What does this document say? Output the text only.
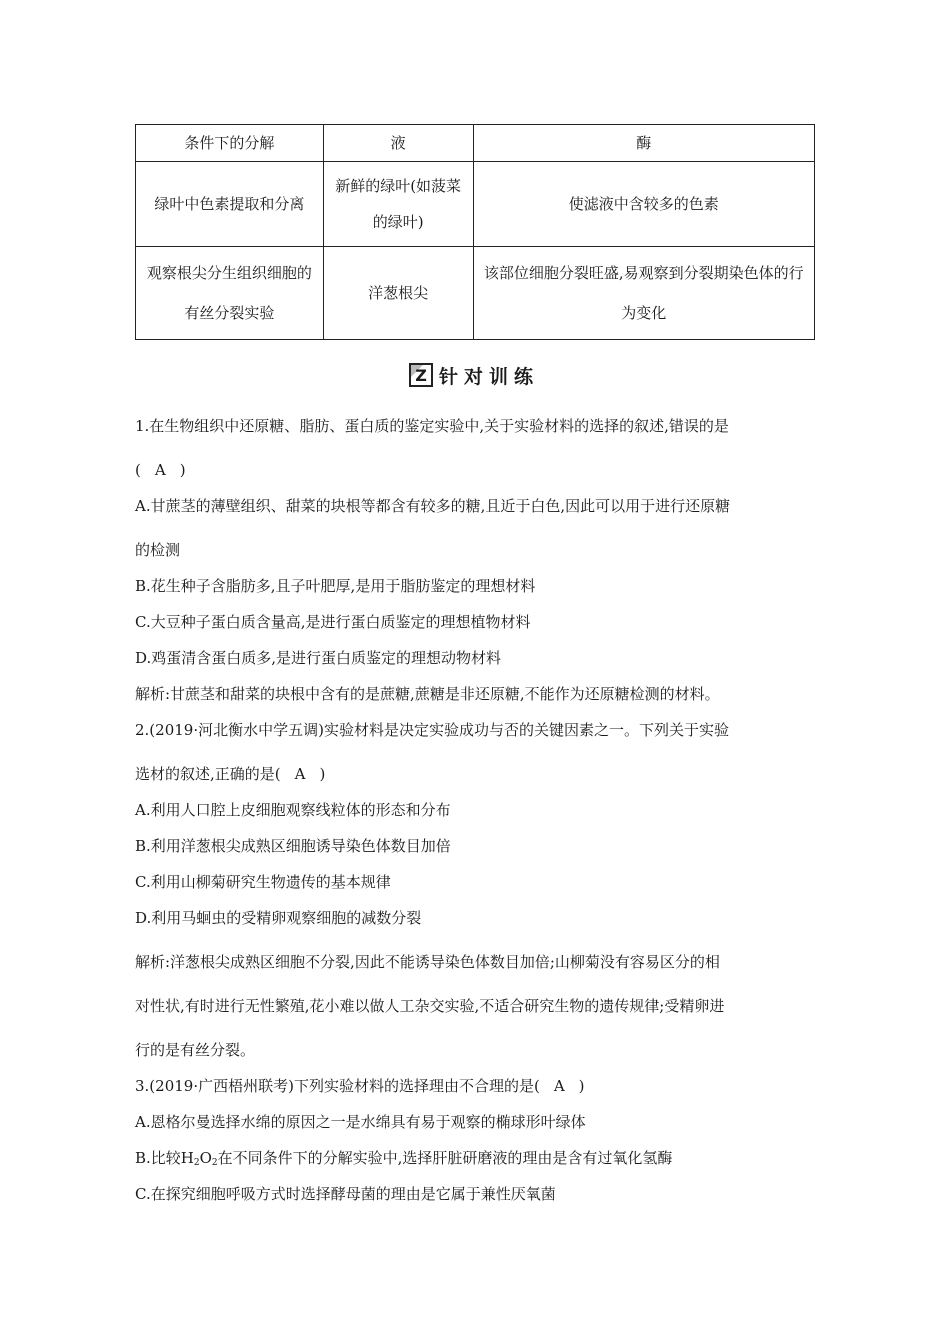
条件下的分解	液	酶
绿叶中色素提取和分离	新鲜的绿叶(如菠菜的绿叶)	使滤液中含较多的色素
观察根尖分生组织细胞的有丝分裂实验	洋葱根尖	该部位细胞分裂旺盛,易观察到分裂期染色体的行为变化
Z 针对训练
1.在生物组织中还原糖、脂肪、蛋白质的鉴定实验中,关于实验材料的选择的叙述,错误的是
( A )
A.甘蔗茎的薄壁组织、甜菜的块根等都含有较多的糖,且近于白色,因此可以用于进行还原糖
的检测
B.花生种子含脂肪多,且子叶肥厚,是用于脂肪鉴定的理想材料
C.大豆种子蛋白质含量高,是进行蛋白质鉴定的理想植物材料
D.鸡蛋清含蛋白质多,是进行蛋白质鉴定的理想动物材料
解析:甘蔗茎和甜菜的块根中含有的是蔗糖,蔗糖是非还原糖,不能作为还原糖检测的材料。
2.(2019·河北衡水中学五调)实验材料是决定实验成功与否的关键因素之一。下列关于实验
选材的叙述,正确的是( A )
A.利用人口腔上皮细胞观察线粒体的形态和分布
B.利用洋葱根尖成熟区细胞诱导染色体数目加倍
C.利用山柳菊研究生物遗传的基本规律
D.利用马蛔虫的受精卵观察细胞的减数分裂
解析:洋葱根尖成熟区细胞不分裂,因此不能诱导染色体数目加倍;山柳菊没有容易区分的相
对性状,有时进行无性繁殖,花小难以做人工杂交实验,不适合研究生物的遗传规律;受精卵进
行的是有丝分裂。
3.(2019·广西梧州联考)下列实验材料的选择理由不合理的是( A )
A.恩格尔曼选择水绵的原因之一是水绵具有易于观察的椭球形叶绿体
B.比较$H_2O_2$在不同条件下的分解实验中,选择肝脏研磨液的理由是含有过氧化氢酶
C.在探究细胞呼吸方式时选择酵母菌的理由是它属于兼性厌氧菌
